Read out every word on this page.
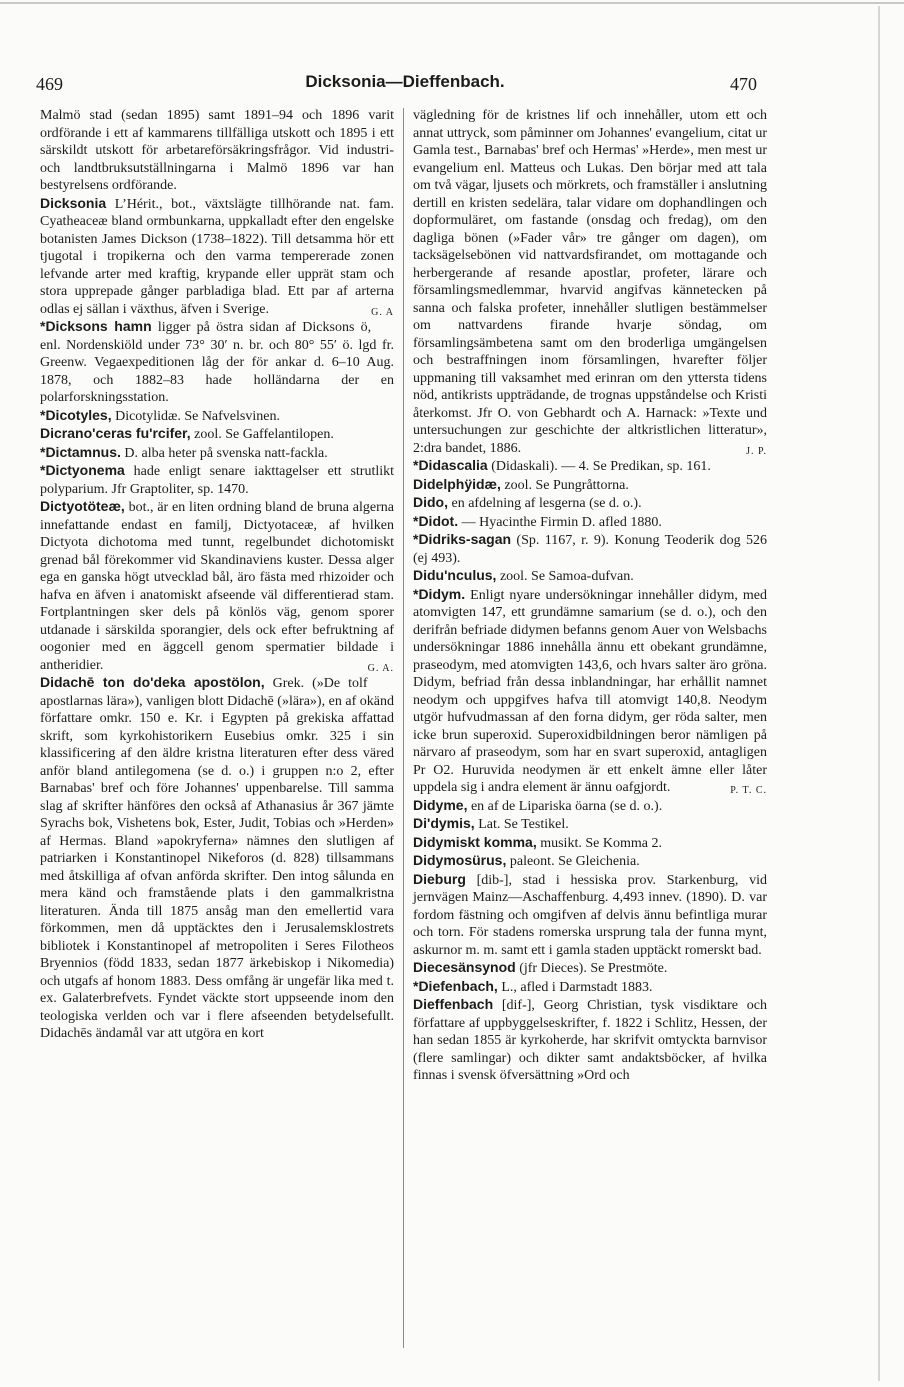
469	Dicksonia—Dieffenbach.	470

Malmö stad (sedan 1895) samt 1891–94 och 1896 varit ordförande i ett af kammarens tillfälliga utskott och 1895 i ett särskildt utskott för arbetareförsäkringsfrågor. Vid industri- och landtbruksutställningarna i Malmö 1896 var han bestyrelsens ordförande.

Dicksonia L’Hérit., bot., växtslägte tillhörande nat. fam. Cyatheaceæ bland ormbunkarna, uppkalladt efter den engelske botanisten James Dickson (1738–1822). Till detsamma hör ett tjugotal i tropikerna och den varma tempererade zonen lefvande arter med kraftig, krypande eller upprät stam och stora upprepade gånger parbladiga blad. Ett par af arterna odlas ej sällan i växthus, äfven i Sverige.	G. A

*Dicksons hamn ligger på östra sidan af Dicksons ö, enl. Nordenskiöld under 73° 30′ n. br. och 80° 55′ ö. lgd fr. Greenw. Vegaexpeditionen låg der för ankar d. 6–10 Aug. 1878, och 1882–83 hade holländarna der en polarforskningsstation.

*Dicotyles, Dicotylidæ. Se Nafvelsvinen.

Dicrano'ceras fu'rcifer, zool. Se Gaffelantilopen.

*Dictamnus. D. alba heter på svenska natt-fackla.

*Dictyonema hade enligt senare iakttagelser ett strutlikt polyparium. Jfr Graptoliter, sp. 1470.

Dictyotöteæ, bot., är en liten ordning bland de bruna algerna innefattande endast en familj, Dictyotaceæ, af hvilken Dictyota dichotoma med tunnt, regelbundet dichotomiskt grenad bål förekommer vid Skandinaviens kuster. Dessa alger ega en ganska högt utvecklad bål, äro fästa med rhizoider och hafva en äfven i anatomiskt afseende väl differentierad stam. Fortplantningen sker dels på könlös väg, genom sporer utdanade i särskilda sporangier, dels ock efter befruktning af oogonier med en äggcell genom spermatier bildade i antheridier.	G. A.

Didachē ton do'deka apostölon, Grek. (»De tolf apostlarnas lära»), vanligen blott Didachē (»lära»), en af okänd författare omkr. 150 e. Kr. i Egypten på grekiska affattad skrift, som kyrkohistorikern Eusebius omkr. 325 i sin klassificering af den äldre kristna literaturen efter dess väred anför bland antilegomena (se d. o.) i gruppen n:o 2, efter Barnabas' bref och före Johannes' uppenbarelse. Till samma slag af skrifter hänföres den också af Athanasius år 367 jämte Syrachs bok, Vishetens bok, Ester, Judit, Tobias och »Herden» af Hermas. Bland »apokryferna» nämnes den slutligen af patriarken i Konstantinopel Nikeforos (d. 828) tillsammans med åtskilliga af ofvan anförda skrifter. Den intog sålunda en mera känd och framstående plats i den gammalkristna literaturen. Ända till 1875 ansåg man den emellertid vara förkommen, men då upptäcktes den i Jerusalemsklostrets bibliotek i Konstantinopel af metropoliten i Seres Filotheos Bryennios (född 1833, sedan 1877 ärkebiskop i Nikomedia) och utgafs af honom 1883. Dess omfång är ungefär lika med t. ex. Galaterbrefvets. Fyndet väckte stort uppseende inom den teologiska verlden och var i flere afseenden betydelsefullt. Didachēs ändamål var att utgöra en kort

vägledning för de kristnes lif och innehåller, utom ett och annat uttryck, som påminner om Johannes' evangelium, citat ur Gamla test., Barnabas' bref och Hermas' »Herde», men mest ur evangelium enl. Matteus och Lukas. Den börjar med att tala om två vägar, ljusets och mörkrets, och framställer i anslutning dertill en kristen sedelära, talar vidare om dophandlingen och dopformuläret, om fastande (onsdag och fredag), om den dagliga bönen (»Fader vår» tre gånger om dagen), om tacksägelsebönen vid nattvardsfirandet, om mottagande och herbergerande af resande apostlar, profeter, lärare och församlingsmedlemmar, hvarvid angifvas kännetecken på sanna och falska profeter, innehåller slutligen bestämmelser om nattvardens firande hvarje söndag, om församlingsämbetena samt om den broderliga umgängelsen och bestraffningen inom församlingen, hvarefter följer uppmaning till vaksamhet med erinran om den yttersta tidens nöd, antikrists uppträdande, de trognas uppståndelse och Kristi återkomst. Jfr O. von Gebhardt och A. Harnack: »Texte und untersuchungen zur geschichte der altkristlichen litteratur», 2:dra bandet, 1886.	J. P.

*Didascalia (Didaskali). — 4. Se Predikan, sp. 161.

Didelphÿidæ, zool. Se Pungråttorna.

Dido, en afdelning af lesgerna (se d. o.).

*Didot. — Hyacinthe Firmin D. afled 1880.

*Didriks-sagan (Sp. 1167, r. 9). Konung Teoderik dog 526 (ej 493).

Didu'nculus, zool. Se Samoa-dufvan.

*Didym. Enligt nyare undersökningar innehåller didym, med atomvigten 147, ett grundämne samarium (se d. o.), och den derifrån befriade didymen befanns genom Auer von Welsbachs undersökningar 1886 innehålla ännu ett obekant grundämne, praseodym, med atomvigten 143,6, och hvars salter äro gröna. Didym, befriad från dessa inblandningar, har erhållit namnet neodym och uppgifves hafva till atomvigt 140,8. Neodym utgör hufvudmassan af den forna didym, ger röda salter, men icke brun superoxid. Superoxidbildningen beror nämligen på närvaro af praseodym, som har en svart superoxid, antagligen Pr O2. Huruvida neodymen är ett enkelt ämne eller låter uppdela sig i andra element är ännu oafgjordt.	P. T. C.

Didyme, en af de Lipariska öarna (se d. o.).

Di'dymis, Lat. Se Testikel.

Didymiskt komma, musikt. Se Komma 2.

Didymosürus, paleont. Se Gleichenia.

Dieburg [dib-], stad i hessiska prov. Starkenburg, vid jernvägen Mainz—Aschaffenburg. 4,493 innev. (1890). D. var fordom fästning och omgifven af delvis ännu befintliga murar och torn. För stadens romerska ursprung tala der funna mynt, askurnor m. m. samt ett i gamla staden upptäckt romerskt bad.

Diecesänsynod (jfr Dieces). Se Prestmöte.

*Diefenbach, L., afled i Darmstadt 1883.

Dieffenbach [dif-], Georg Christian, tysk visdiktare och författare af uppbyggelseskrifter, f. 1822 i Schlitz, Hessen, der han sedan 1855 är kyrkoherde, har skrifvit omtyckta barnvisor (flere samlingar) och dikter samt andaktsböcker, af hvilka finnas i svensk öfversättning »Ord och
